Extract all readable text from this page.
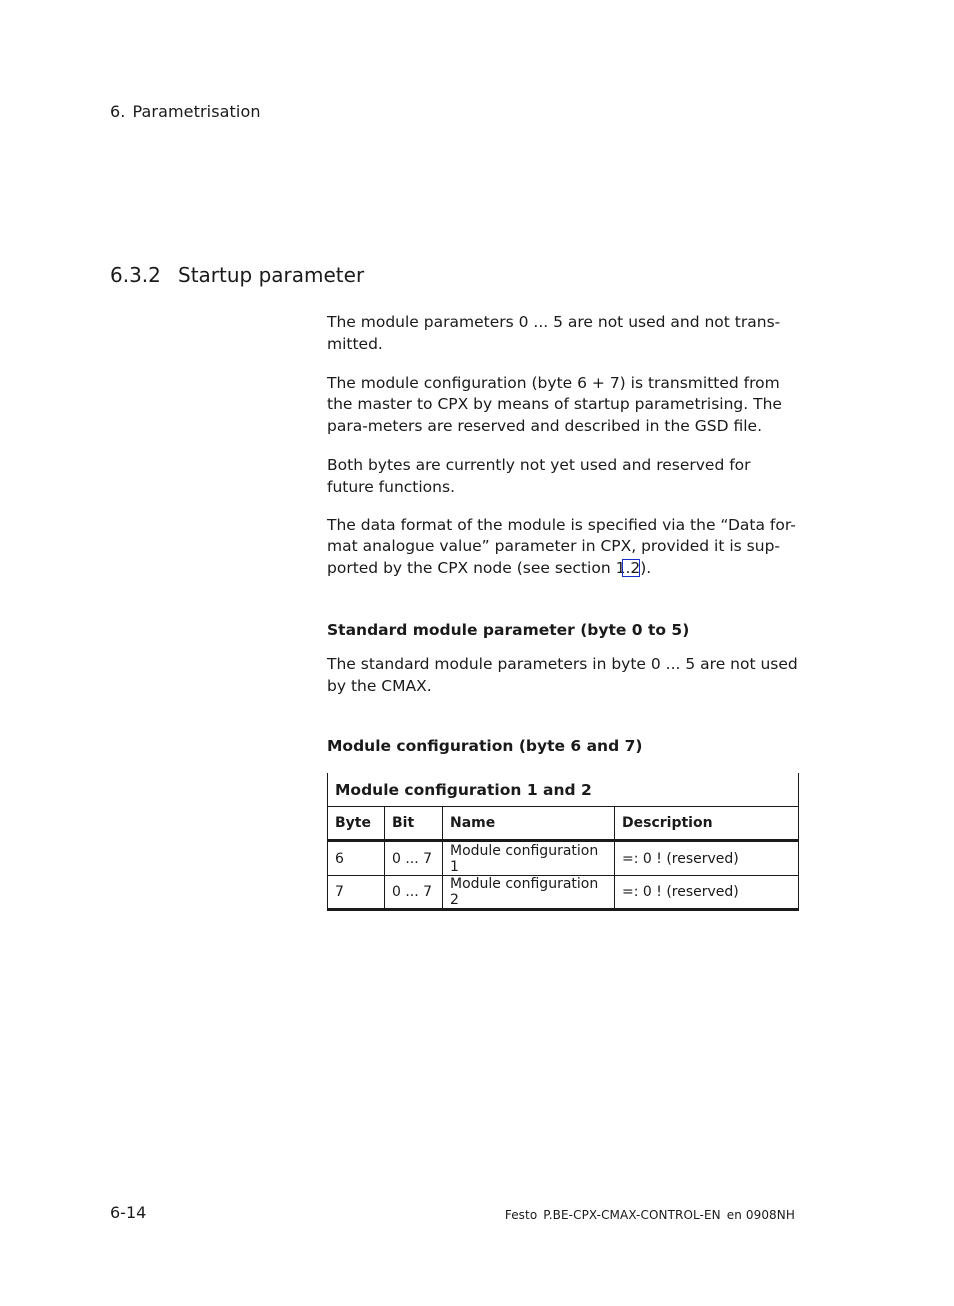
6. Parametrisation
6.3.2 Startup parameter

The module parameters 0 ... 5 are not used and not trans-mitted.

The module configuration (byte 6 + 7) is transmitted from the master to CPX by means of startup parametrising. The para-meters are reserved and described in the GSD file.

Both bytes are currently not yet used and reserved for future functions.

The data format of the module is specified via the “Data for-mat analogue value” parameter in CPX, provided it is sup-ported by the CPX node (see section 1.2).

Standard module parameter (byte 0 to 5)

The standard module parameters in byte 0 ... 5 are not used by the CMAX.

Module configuration (byte 6 and 7)
Module configuration 1 and 2			
Byte	Bit	Name	Description
6	0 ... 7	Module configuration 1	=: 0 ! (reserved)
7	0 ... 7	Module configuration 2	=: 0 ! (reserved)
6-14	Festo P.BE-CPX-CMAX-CONTROL-EN en 0908NH
